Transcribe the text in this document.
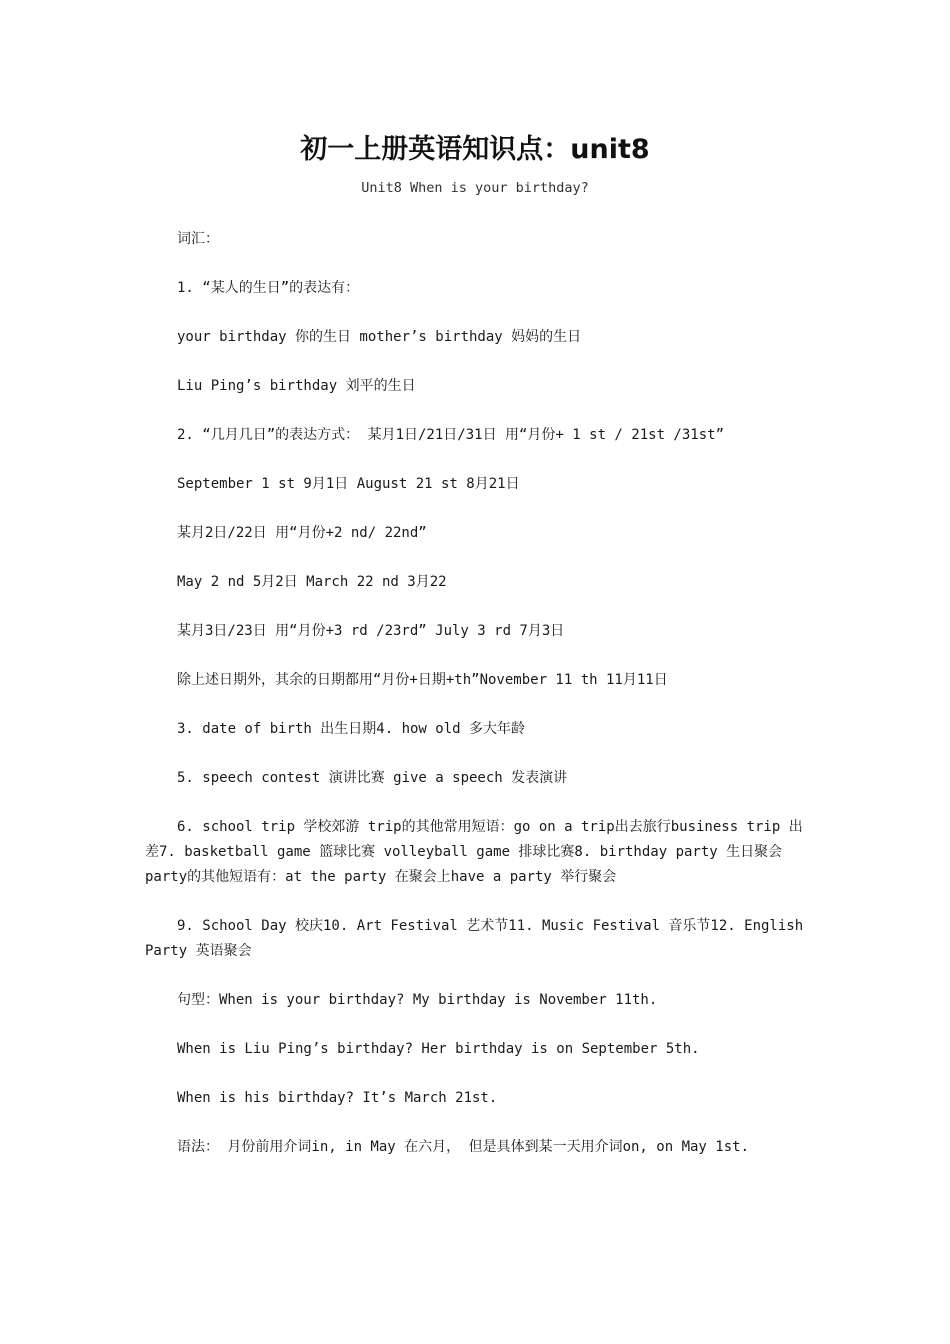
初一上册英语知识点：unit8

Unit8 When is your birthday?

词汇：

1. “某人的生日”的表达有：

your birthday 你的生日 mother’s birthday 妈妈的生日

Liu Ping’s birthday 刘平的生日

2. “几月几日”的表达方式： 某月1日/21日/31日 用“月份+ 1 st / 21st /31st”

September 1 st 9月1日 August 21 st 8月21日

某月2日/22日 用“月份+2 nd/ 22nd”

May 2 nd 5月2日 March 22 nd 3月22

某月3日/23日 用“月份+3 rd /23rd” July 3 rd 7月3日

除上述日期外，其余的日期都用“月份+日期+th”November 11 th 11月11日

3. date of birth 出生日期4. how old 多大年龄

5. speech contest 演讲比赛 give a speech 发表演讲

6. school trip 学校郊游 trip的其他常用短语：go on a trip出去旅行business trip 出差7. basketball game 篮球比赛 volleyball game 排球比赛8. birthday party 生日聚会 party的其他短语有：at the party 在聚会上have a party 举行聚会

9. School Day 校庆10. Art Festival 艺术节11. Music Festival 音乐节12. English Party 英语聚会

句型：When is your birthday? My birthday is November 11th.

When is Liu Ping’s birthday? Her birthday is on September 5th.

When is his birthday? It’s March 21st.

语法： 月份前用介词in, in May 在六月， 但是具体到某一天用介词on, on May 1st.
